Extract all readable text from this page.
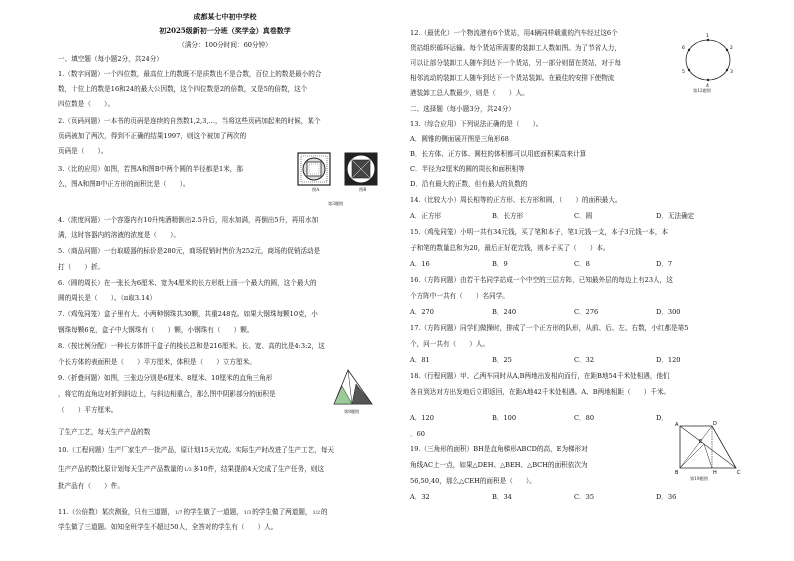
成都某七中初中学校
初2025级新初一分班（奖学金）真卷数学
（满分：100分时间：60分钟）
一、填空题（每小题2分，共24分）
1.（数字问题）一个四位数，最高位上的数既不是质数也不是合数，百位上的数是最小的合
数，十位上的数是16和24的最大公因数，这个四位数是2的倍数，又是5的倍数，这个
四位数是（　　）。
2.（页码问题）一本书的页码是连续的自然数1,2,3,…，当将这些页码加起来的时候，某个
页码被加了两次，得到不正确的结果1997，则这个被加了两次的
页码是（　　）。
3.（比的应用）如图，若图A和图B中两个圆的半径都是1米，那
么，图A和图B中正方形的面积比是（　　）。
图A	图B
第3题图
4.（浓度问题）一个容器内有10升纯酒精倒出2.5升后，用水加满，再倒出5升，再用水加
满，这时容器内的溶液的浓度是（　　）。
5.（商品问题）一台取暖器的标价是280元，商场促销时售价为252元，商场的促销活动是
打（　　）折。
6.（圆的周长）在一张长为6厘米、宽为4厘米的长方形纸上画一个最大的圆，这个最大的
圆的周长是（　　）。（π取3.14）
7.（鸡兔同笼）盒子里有大、小两种钢珠共30颗，共重248克。如果大钢珠每颗10克，小
钢珠每颗6克，盒子中大钢珠有（　　）颗，小钢珠有（　　）颗。
8.（按比例分配）一种长方体饼干盒子的棱长总和是216厘米。长、宽、高的比是4:3:2，这
个长方体的表面积是（　　）平方厘米，体积是（　　）立方厘米。
9.（折叠问题）如图，三张边分别是6厘米、8厘米、10厘米的直角三角形
，将它的直角边对折到斜边上，与斜边相重合，那么图中阴影部分的面积是
（　　）平方厘米。	第9题图
了生产工艺，每天生产产品的数
10.（工程问题）生产厂家生产一批产品，原计划15天完成。实际生产时改进了生产工艺，每天
生产产品的数比原计划每天生产产品数量的1/3多10件，结果提前4天完成了生产任务，则这
批产品有（　　）件。
11.（公倍数）某次测验，只有三道题，1/7的学生做了一道题，1/3的学生做了两道题，1/2的
学生做了三道题。如知全班学生不超过50人，全答对的学生有（　　）人。
12.（最优化）一个物流港有6个货站，用4辆同样载重的汽车经过这6个
货站组织循环运输。每个货站所需要的装卸工人数如图。为了节省人力，
可以让部分装卸工人随车到达下一个货站，另一部分则留在货站，对于每
相邻流动的装卸工人随车到达下一个货站装卸。在最佳的安排下使物流
港装卸工总人数最少，则是（　　）人。
1
2
3
4
5
6
第12题图
二、选择题（每小题3分，共24分）
13.（综合应用）下列说法正确的是（　　）。
A．圆锥的侧面展开图是三角形68
B．长方体、正方体、圆柱的体积都可以用底面积乘高来计算
C．半径为2厘米的圆的周长和面积相等
D．沿有最大的正数，但有最大的负数的
14.（比较大小）周长相等的正方形、长方形和圆，（　　）的面积最大。
A．正方形	B．长方形	C．圆	D．无法确定
15.（鸡兔同笼）小明一共有34元钱，买了笔和本子，笔1元钱一支，本子3元钱一本，本
子和笔的数量总和为20，最后正好花完钱，则本子买了（　　）本。
A．16	B．9	C．8	D．7
16.（方阵问题）由若干名同学站成一个中空的三层方阵，已知最外层的每边上有23人，这
个方阵中一共有（　　）名同学。
A．270	B．240	C．276	D．300
17.（方阵问题）同学们做操时，排成了一个正方形的队形，从前、后、左、右数，小红都是第5
个，问一共有（　　）人。
A．81	B．25	C．32	D．120
18.（行程问题）甲、乙两车同时从A,B两地出发相向而行，在距B地54千米处相遇，他们
各自到达对方出发地后立即返回，在距A地42千米处相遇。A、B两地相距（　　）千米。
A．120	B．100	C．80	D．
．60
19.（三角形的面积）BH是直角梯形ABCD的高，E为梯形对
角线AC上一点，如果△DEH、△BEH、△BCH的面积依次为
56,50,40，那么△CEH的面积是（　　）。
A．32	B．34	C．35	D．36
A
B	C
D
E
H
第19题图
